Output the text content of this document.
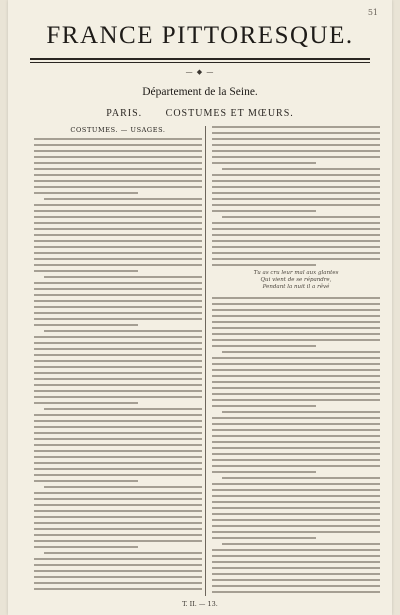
51
FRANCE PITTORESQUE.
— ◆ —
Département de la Seine.
PARIS. COSTUMES ET MŒURS.
COSTUMES. — USAGES.
Tu as cru leur mal aux glantes
Qui vient de se répandre,
Pendant la nuit il a rêvé
T. II. — 13.
